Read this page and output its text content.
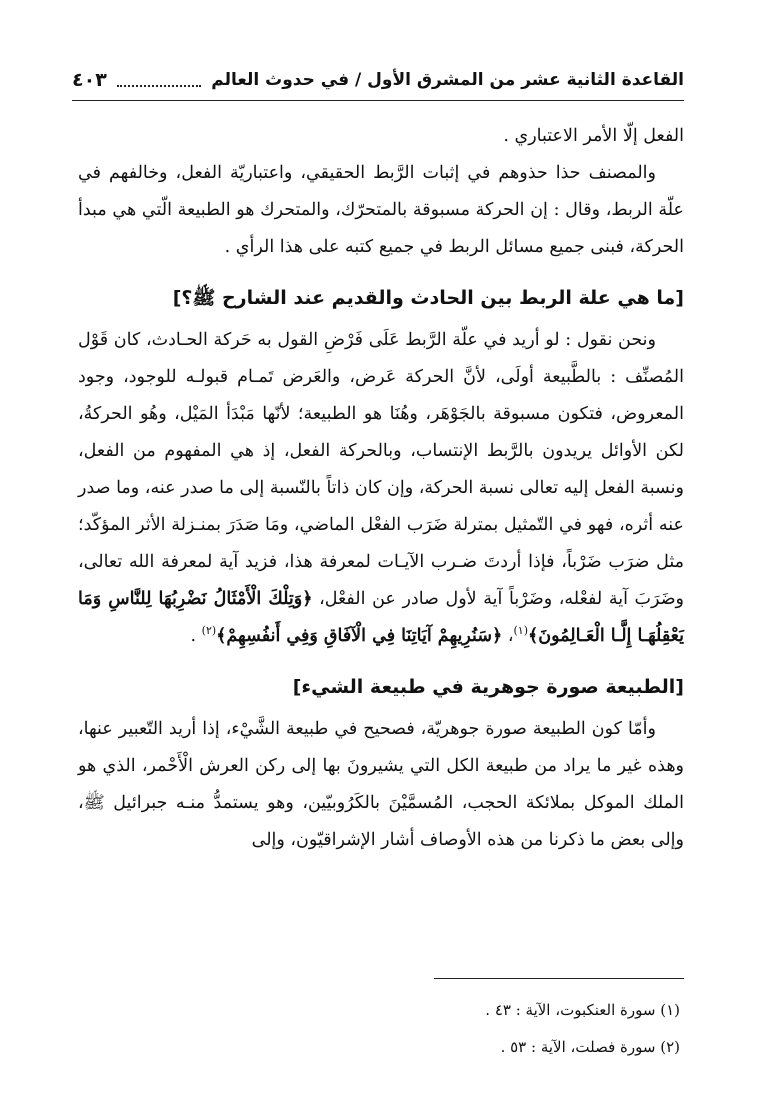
القاعدة الثانية عشر من المشرق الأول / في حدوث العالم
٤٠٣

الفعل إلّا الأمر الاعتباري .

والمصنف حذا حذوهم في إثبات الرَّبط الحقيقي، واعتباريّة الفعل، وخالفهم في علّة الربط، وقال : إن الحركة مسبوقة بالمتحرّك، والمتحرك هو الطبيعة الّتي هي مبدأ الحركة، فبنى جميع مسائل الربط في جميع كتبه على هذا الرأي .

[ما هي علة الربط بين الحادث والقديم عند الشارح ﷺ؟]

ونحن نقول : لو أريد في علّة الرَّبط عَلَى فَرْضِ القول به حَركة الحـادث، كان قَوْل المُصنِّف : بالطَّبيعة أولَى، لأنَّ الحركة عَرض، والعَرض تَمـام قبولـه للوجود، وجود المعروض، فتكون مسبوقة بالجَوْهَر، وهُنَا هو الطبيعة؛ لأنّها مَبْدَأ المَيْل، وهُو الحركةُ، لكن الأوائل يريدون بالرَّبط الإنتساب، وبالحركة الفعل، إذ هي المفهوم من الفعل، ونسبة الفعل إليه تعالى نسبة الحركة، وإن كان ذاتاً بالنّسبة إلى ما صدر عنه، وما صدر عنه أثره، فهو في التّمثيل بمترلة ضَرَب الفعْل الماضي، ومَا صَدَرَ بمنـزلة الأثر المؤكّد؛ مثل ضرَب ضَرْباً، فإذا أردتَ ضـرب الآيـات لمعرفة هذا، فزيد آية لمعرفة الله تعالى، وضَرَبَ آية لفعْله، وضَرْباً آية لأول صادر عن الفعْل، ﴿وَتِلْكَ الْأَمْثَالُ نَضْرِبُهَا لِلنَّاسِ وَمَا يَعْقِلُهَـا إِلَّـا الْعَـالِمُونَ﴾$^{(١)}$، ﴿سَنُرِيهِمْ آيَاتِنَا فِي الْآفَاقِ وَفِي أَنفُسِهِمْ﴾$^{(٢)}$ .

[الطبيعة صورة جوهرية في طبيعة الشيء]

وأمّا كون الطبيعة صورة جوهريّة، فصحيح في طبيعة الشَّيْء، إذا أريد التّعبير عنها، وهذه غير ما يراد من طبيعة الكل التي يشيرونَ بها إلى ركن العرش الْأَحْمر، الذي هو الملك الموكل بملائكة الحجب، المُسمَّيْنَ بالكَرُوبيّين، وهو يستمدُّ منـه جبرائيل ﷺ، وإلى بعض ما ذكرنا من هذه الأوصاف أشار الإشراقيّون، وإلى

(١) سورة العنكبوت، الآية : ٤٣ .
(٢) سورة فصلت، الآية : ٥٣ .
